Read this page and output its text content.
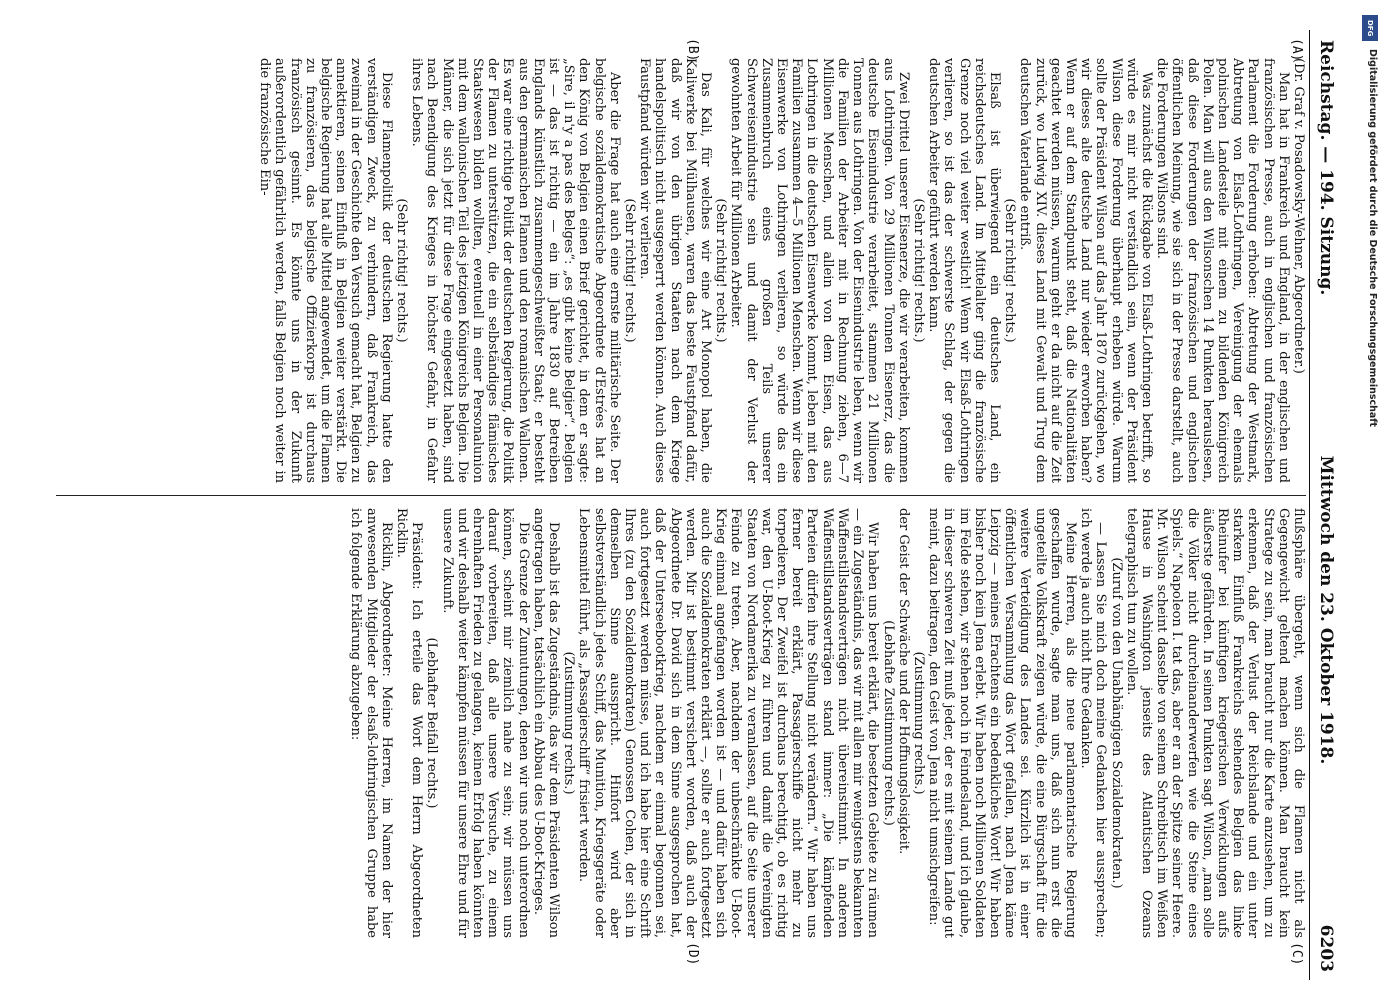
Reichstag. — 194. Sitzung.
Mittwoch den 23. Oktober 1918.
6203
(A)
(B)
(C)
(D)

(Dr. Graf v. Posadowsky-Wehner, Abgeordneter.)

Man hat in Frankreich und England, in der englischen und französischen Presse, auch in englischen und französischen Parlament die Forderung erhoben: Abtretung der Westmark, Abtretung von Elsaß-Lothringen, Vereinigung der ehemals polnischen Landesteile mit einem zu bildenden Königreich Polen. Man will aus den Wilsonschen 14 Punkten herauslesen, daß diese Forderungen der französischen und englischen öffentlichen Meinung, wie sie sich in der Presse darstellt, auch die Forderungen Wilsons sind.

Was zunächst die Rückgabe von Elsaß-Lothringen betrifft, so würde es mir nicht verständlich sein, wenn der Präsident Wilson diese Forderung überhaupt erheben würde. Warum sollte der Präsident Wilson auf das Jahr 1870 zurückgehen, wo wir dieses alte deutsche Land nur wieder erworben haben? Wenn er auf dem Standpunkt steht, daß die Nationalitäten geachtet werden müssen, warum geht er da nicht auf die Zeit zurück, wo Ludwig XIV. dieses Land mit Gewalt und Trug dem deutschen Vaterlande entriß.

(Sehr richtig! rechts.)

Elsaß ist überwiegend ein deutsches Land, ein reichsdeutsches Land. Im Mittelalter ging die französische Grenze noch viel weiter westlich! Wenn wir Elsaß-Lothringen verlieren, so ist das der schwerste Schlag, der gegen die deutschen Arbeiter geführt werden kann.

(Sehr richtig! rechts.)

Zwei Drittel unserer Eisenerze, die wir verarbeiten, kommen aus Lothringen. Von 29 Millionen Tonnen Eisenerz, das die deutsche Eisenindustrie verarbeitet, stammen 21 Millionen Tonnen aus Lothringen. Von der Eisenindustrie leben, wenn wir die Familien der Arbeiter mit in Rechnung ziehen, 6—7 Millionen Menschen, und allein von dem Eisen, das aus Lothringen in die deutschen Eisenwerke kommt, leben mit den Familien zusammen 4—5 Millionen Menschen. Wenn wir diese Eisenwerke von Lothringen verlieren, so würde das ein Zusammenbruch eines großen Teils unserer Schwereisenindustrie sein und damit der Verlust der gewohnten Arbeit für Millionen Arbeiter.

(Sehr richtig! rechts.)

Das Kali, für welches wir eine Art Monopol haben, die Kaliwerke bei Mülhausen, waren das beste Faustpfand dafür, daß wir von den übrigen Staaten nach dem Kriege handelspolitisch nicht ausgesperrt werden können. Auch dieses Faustpfand würden wir verlieren.

(Sehr richtig! rechts.)

Aber die Frage hat auch eine ernste militärische Seite. Der belgische sozialdemokratische Abgeordnete d'Estrées hat an den König von Belgien einen Brief gerichtet, in dem er sagte: „Sire, il n'y a pas des Belges“: „es gibt keine Belgier“. Belgien ist — das ist richtig — ein im Jahre 1830 auf Betreiben Englands künstlich zusammengeschweißter Staat; er besteht aus den germanischen Flamen und den romanischen Wallonen. Es war eine richtige Politik der deutschen Regierung, die Politik der Flamen zu unterstützen, die ein selbständiges flämisches Staatswesen bilden wollten, eventuell in einer Personalunion mit dem wallonischen Teil des jetzigen Königreichs Belgien. Die Männer, die sich jetzt für diese Frage eingesetzt haben, sind nach Beendigung des Krieges in höchster Gefahr, in Gefahr ihres Lebens.

(Sehr richtig! rechts.)

Diese Flamenpolitik der deutschen Regierung hatte den verständigen Zweck, zu verhindern, daß Frankreich, das zweimal in der Geschichte den Versuch gemacht hat, Belgien zu annektieren, seinen Einfluß in Belgien weiter verstärkt. Die belgische Regierung hat alle Mittel angewendet, um die Flamen zu französieren, das belgische Offizierkorps ist durchaus französisch gesinnt. Es könnte uns in der Zukunft außerordentlich gefährlich werden, falls Belgien noch weiter in die französische Ein-

flußsphäre übergeht, wenn sich die Flamen nicht als Gegengewicht geltend machen können. Man braucht kein Stratege zu sein, man braucht nur die Karte anzusehen, um zu erkennen, daß der Verlust der Reichslande und ein unter starkem Einfluß Frankreichs stehendes Belgien das linke Rheinufer bei künftigen kriegerischen Verwicklungen aufs äußerste gefährden. In seinen Punkten sagt Wilson, „man solle die Völker nicht durcheinanderwerfen wie die Steine eines Spiels.“ Napoleon I. tat das, aber er an der Spitze seiner Heere. Mr. Wilson scheint dasselbe von seinem Schreibtisch im Weißen Hause in Washington jenseits des Atlantischen Ozeans telegraphisch tun zu wollen.

(Zuruf von den Unabhängigen Sozialdemokraten.)

— Lassen Sie mich doch meine Gedanken hier aussprechen; ich werde ja auch nicht Ihre Gedanken.

Meine Herren, als die neue parlamentarische Regierung geschaffen wurde, sagte man uns, daß sich nun erst die ungeteilte Volkskraft zeigen würde, die eine Bürgschaft für die weitere Verteidigung des Landes sei. Kürzlich ist in einer öffentlichen Versammlung das Wort gefallen, nach Jena käme Leipzig — meines Erachtens ein bedenkliches Wort! Wir haben bisher noch kein Jena erlebt. Wir haben noch Millionen Soldaten im Felde stehen, wir stehen noch in Feindesland, und ich glaube, in dieser schweren Zeit muß jeder, der es mit seinem Lande gut meint, dazu beitragen, den Geist von Jena nicht umsichgreifen:

(Zustimmung rechts.)

der Geist der Schwäche und der Hoffnungslosigkeit.

(Lebhafte Zustimmung rechts.)

Wir haben uns bereit erklärt, die besetzten Gebiete zu räumen — ein Zugeständnis, das wir mit allen mir wenigstens bekannten Waffenstillstandsverträgen nicht übereinstimmt. In anderen Waffenstillstandsverträgen stand immer: „Die kämpfenden Parteien dürfen ihre Stellung nicht verändern.“ Wir haben uns ferner bereit erklärt, Passagierschiffe nicht mehr zu torpedieren. Der Zweifel ist durchaus berechtigt, ob es richtig war, den U-Boot-Krieg zu führen und damit die Vereinigten Staaten von Nordamerika zu veranlassen, auf die Seite unserer Feinde zu treten. Aber, nachdem der unbeschränkte U-Boot-Krieg einmal angefangen worden ist — und dafür haben sich auch die Sozialdemokraten erklärt —, sollte er auch fortgesetzt werden. Mir ist bestimmt versichert worden, daß auch der Abgeordnete Dr. David sich in dem Sinne ausgesprochen hat, daß der Unterseebootkrieg, nachdem er einmal begonnen sei, auch fortgesetzt werden müsse, und ich habe hier eine Schrift Ihres (zu den Sozialdemokraten) Genossen Cohen, der sich in demselben Sinne ausspricht. Hinfort wird aber selbstverständlich jedes Schiff, das Munition, Kriegsgeräte oder Lebensmittel führt, als „Passagierschiff“ frisiert werden.

(Zustimmung rechts.)

Deshalb ist das Zugeständnis, das wir dem Präsidenten Wilson angetragen haben, tatsächlich ein Abbau des U-Boot-Krieges.

Die Grenze der Zumutungen, denen wir uns noch unterordnen können, scheint mir ziemlich nahe zu sein; wir müssen uns darauf vorbereiten, daß alle unsere Versuche, zu einem ehrenhaften Frieden zu gelangen, keinen Erfolg haben könnten und wir deshalb weiter kämpfen müssen für unsere Ehre und für unsere Zukunft.

(Lebhafter Beifall rechts.)

Präsident: Ich erteile das Wort dem Herrn Abgeordneten Ricklin.

Ricklin, Abgeordneter: Meine Herren, im Namen der hier anwesenden Mitglieder der elsaß-lothringischen Gruppe habe ich folgende Erklärung abzugeben:

DFG
Digitalisierung gefördert durch die Deutsche Forschungsgemeinschaft
